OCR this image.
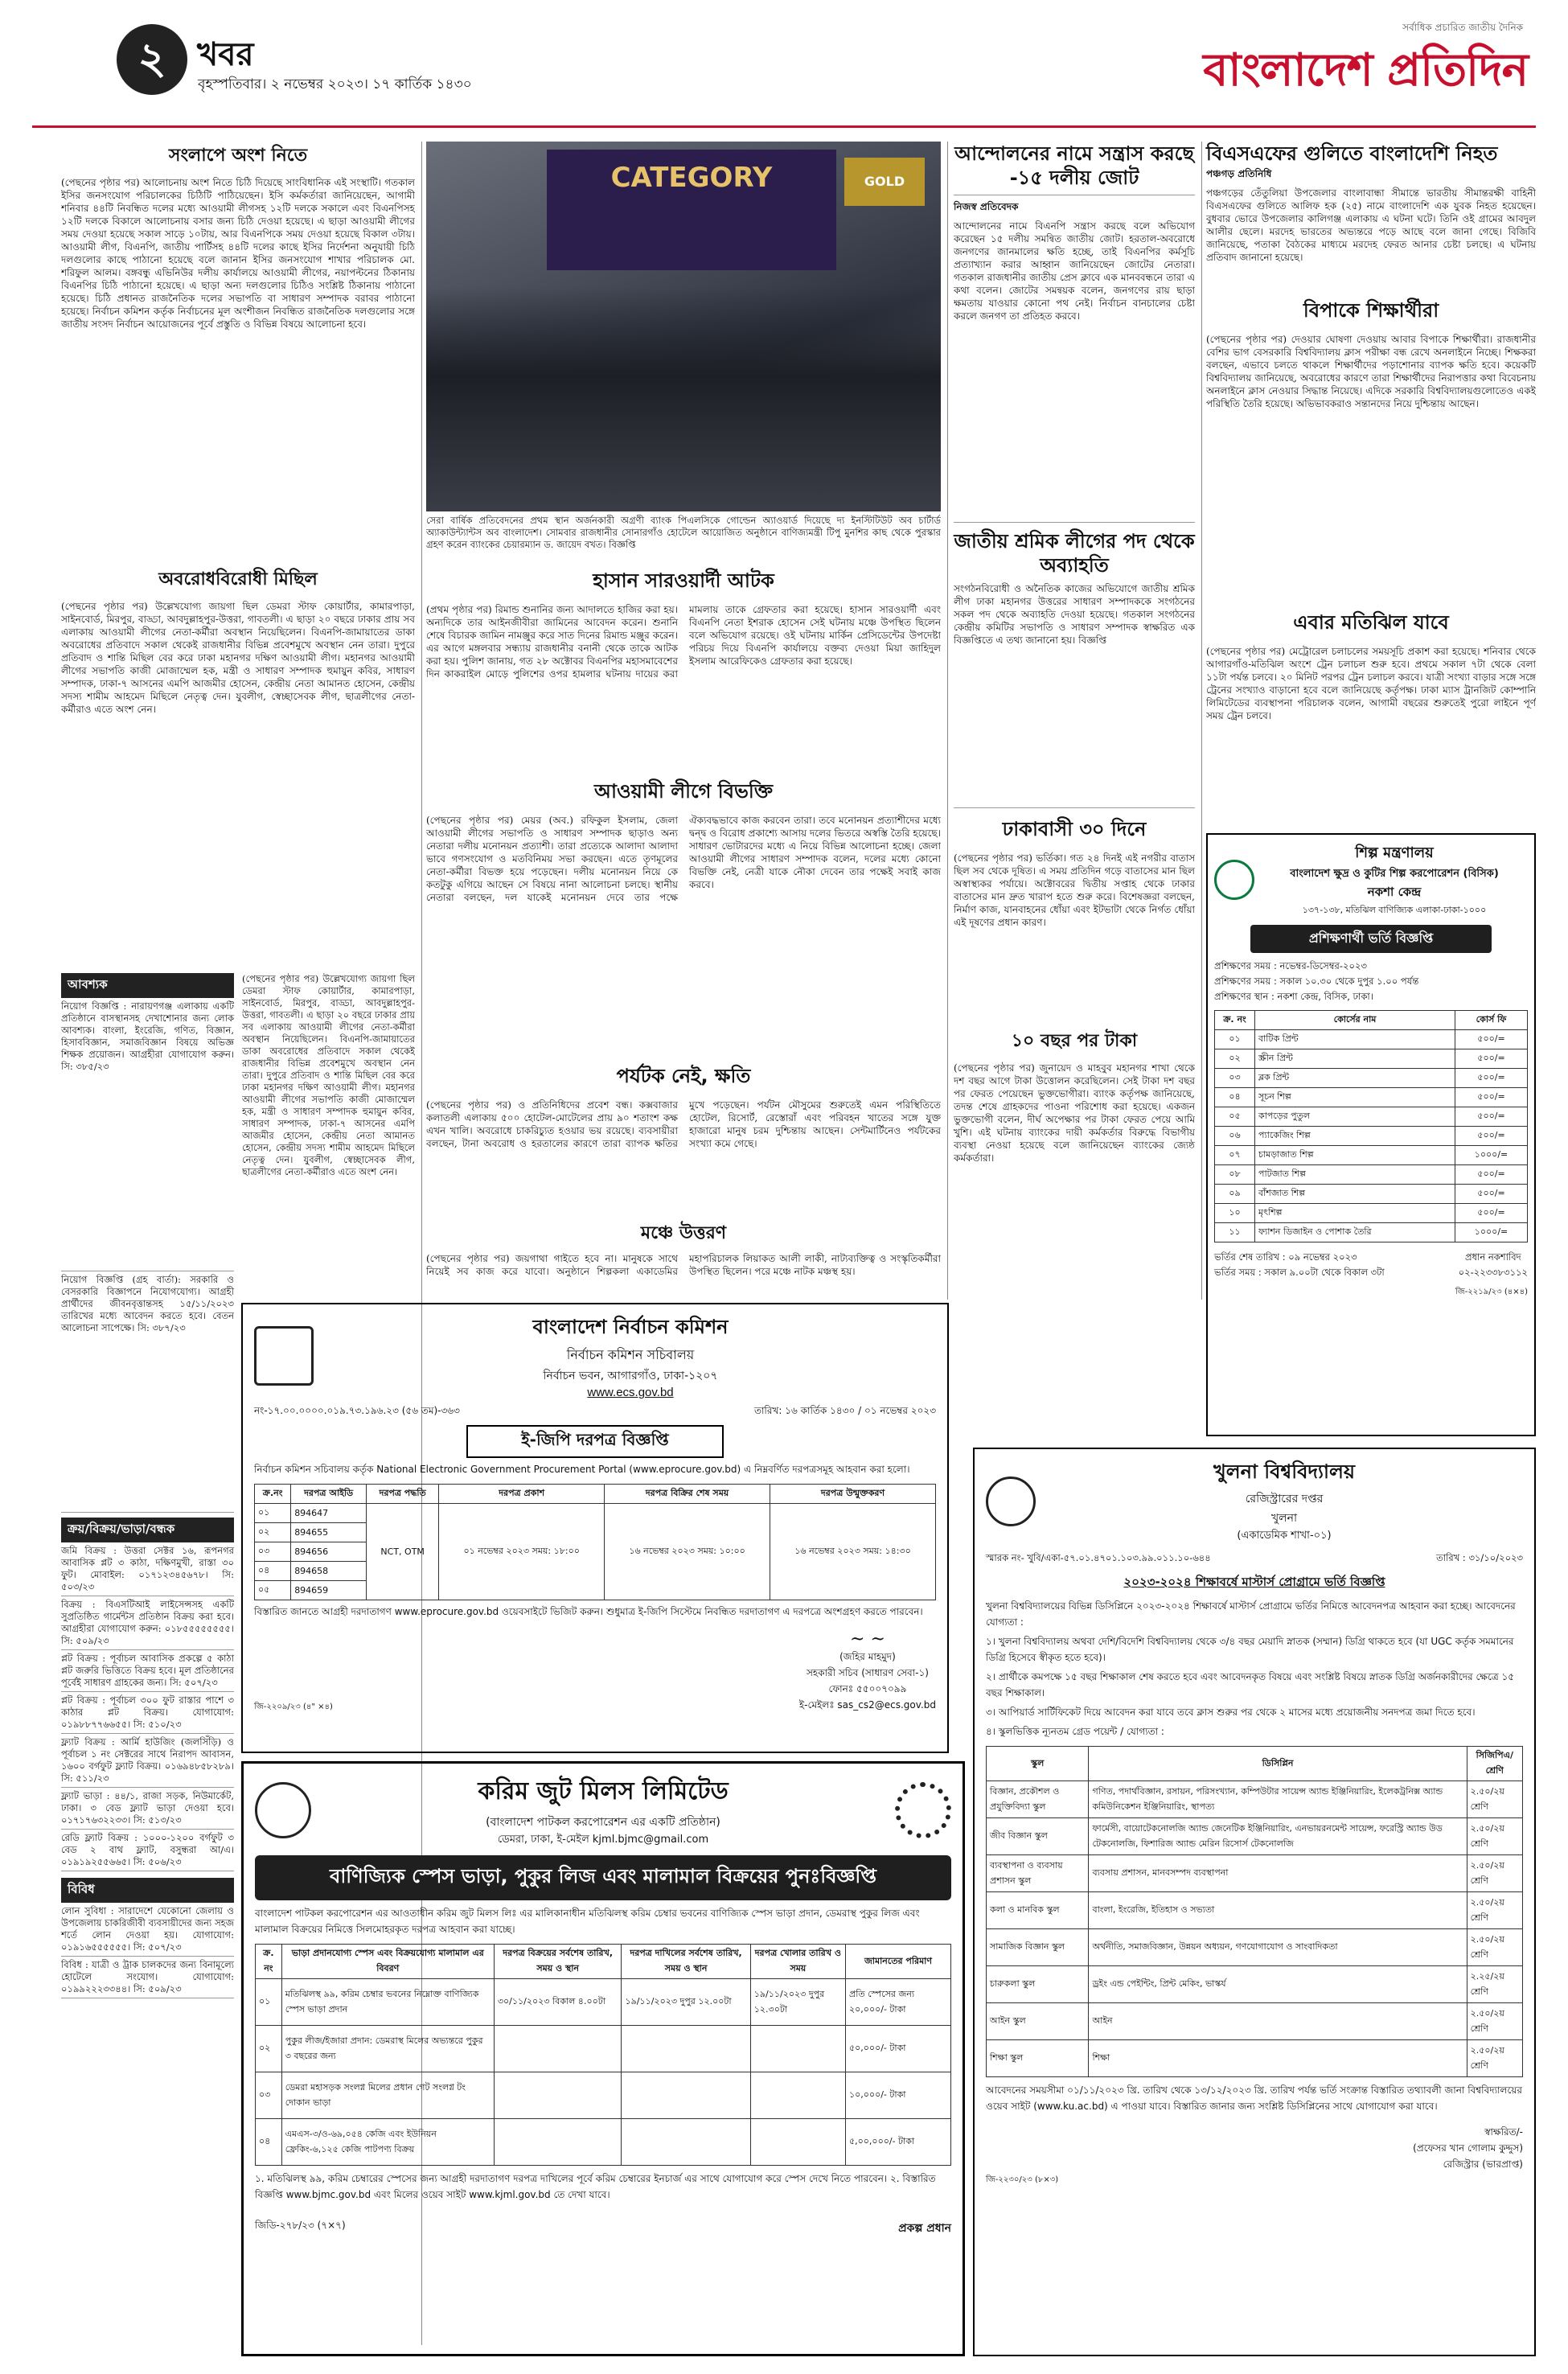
২ খবর
বৃহস্পতিবার। ২ নভেম্বর ২০২৩। ১৭ কার্তিক ১৪৩০
সর্বাধিক প্রচারিত জাতীয় দৈনিক
বাংলাদেশ প্রতিদিন
সংলাপে অংশ নিতে
(পেছনের পৃষ্ঠার পর) আলোচনায় অংশ নিতে চিঠি দিয়েছে সাংবিধানিক এই সংস্থাটি। গতকাল ইসির জনসংযোগ পরিচালকের চিঠিটি পাঠিয়েছেন। ইসি কর্মকর্তারা জানিয়েছেন, আগামী শনিবার ৪৪টি নিবন্ধিত দলের মধ্যে আওয়ামী লীগসহ ১২টি দলকে সকালে এবং বিএনপিসহ ১২টি দলকে বিকালে আলোচনায় বসার জন্য চিঠি দেওয়া হয়েছে। এ ছাড়া আওয়ামী লীগের সময় দেওয়া হয়েছে সকাল সাড়ে ১০টায়, আর বিএনপিকে সময় দেওয়া হয়েছে বিকাল ৩টায়। আওয়ামী লীগ, বিএনপি, জাতীয় পার্টিসহ ৪৪টি দলের কাছে ইসির নির্দেশনা অনুযায়ী চিঠি দলগুলোর কাছে পাঠানো হয়েছে বলে জানান ইসির জনসংযোগ শাখার পরিচালক মো. শরিফুল আলম। বঙ্গবন্ধু এভিনিউর দলীয় কার্যালয়ে আওয়ামী লীগের, নয়াপল্টনের ঠিকানায় বিএনপির চিঠি পাঠানো হয়েছে। এ ছাড়া অন্য দলগুলোর চিঠিও সংশ্লিষ্ট ঠিকানায় পাঠানো হয়েছে। চিঠি প্রধানত রাজনৈতিক দলের সভাপতি বা সাধারণ সম্পাদক বরাবর পাঠানো হয়েছে। নির্বাচন কমিশন কর্তৃক নির্বাচনের মূল অংশীজন নিবন্ধিত রাজনৈতিক দলগুলোর সঙ্গে জাতীয় সংসদ নির্বাচন আয়োজনের পূর্বে প্রস্তুতি ও বিভিন্ন বিষয়ে আলোচনা হবে।
অবরোধবিরোধী মিছিল
(পেছনের পৃষ্ঠার পর) উল্লেখযোগ্য জায়গা ছিল ডেমরা স্টাফ কোয়ার্টার, কামারপাড়া, সাইনবোর্ড, মিরপুর, বাড্ডা, আবদুল্লাহপুর-উত্তরা, গাবতলী। এ ছাড়া ২০ বছরে ঢাকার প্রায় সব এলাকায় আওয়ামী লীগের নেতা-কর্মীরা অবস্থান নিয়েছিলেন। বিএনপি-জামায়াতের ডাকা অবরোধের প্রতিবাদে সকাল থেকেই রাজধানীর বিভিন্ন প্রবেশমুখে অবস্থান নেন তারা। দুপুরে প্রতিবাদ ও শান্তি মিছিল বের করে ঢাকা মহানগর দক্ষিণ আওয়ামী লীগ। মহানগর আওয়ামী লীগের সভাপতি কাজী মোজাম্মেল হক, মন্ত্রী ও সাধারণ সম্পাদক হুমায়ুন কবির, সাধারণ সম্পাদক, ঢাকা-৭ আসনের এমপি আজমীর হোসেন, কেন্দ্রীয় নেতা আমানত হোসেন, কেন্দ্রীয় সদস্য শামীম আহমেদ মিছিলে নেতৃত্ব দেন। যুবলীগ, স্বেচ্ছাসেবক লীগ, ছাত্রলীগের নেতা-কর্মীরাও এতে অংশ নেন।
আবশ্যক
নিয়োগ বিজ্ঞপ্তি : নারায়ণগঞ্জ এলাকায় একটি প্রতিষ্ঠানে বাসস্থানসহ দেখাশোনার জন্য লোক আবশ্যক। বাংলা, ইংরেজি, গণিত, বিজ্ঞান, হিসাববিজ্ঞান, সমাজবিজ্ঞান বিষয়ে অভিজ্ঞ শিক্ষক প্রয়োজন। আগ্রহীরা যোগাযোগ করুন। সি: ৩৮৫/২৩
নিয়োগ বিজ্ঞপ্তি (গ্রহ বার্তা): সরকারি ও বেসরকারি বিজ্ঞাপনে নিযোগযোগ্য। আগ্রহী প্রার্থীদের জীবনবৃত্তান্তসহ ১৫/১১/২০২৩ তারিখের মধ্যে আবেদন করতে হবে। বেতন আলোচনা সাপেক্ষে। সি: ৩৮৭/২৩
(পেছনের পৃষ্ঠার পর) উল্লেখযোগ্য জায়গা ছিল ডেমরা স্টাফ কোয়ার্টার, কামারপাড়া, সাইনবোর্ড, মিরপুর, বাড্ডা, আবদুল্লাহপুর-উত্তরা, গাবতলী। এ ছাড়া ২০ বছরে ঢাকার প্রায় সব এলাকায় আওয়ামী লীগের নেতা-কর্মীরা অবস্থান নিয়েছিলেন। বিএনপি-জামায়াতের ডাকা অবরোধের প্রতিবাদে সকাল থেকেই রাজধানীর বিভিন্ন প্রবেশমুখে অবস্থান নেন তারা। দুপুরে প্রতিবাদ ও শান্তি মিছিল বের করে ঢাকা মহানগর দক্ষিণ আওয়ামী লীগ। মহানগর আওয়ামী লীগের সভাপতি কাজী মোজাম্মেল হক, মন্ত্রী ও সাধারণ সম্পাদক হুমায়ুন কবির, সাধারণ সম্পাদক, ঢাকা-৭ আসনের এমপি আজমীর হোসেন, কেন্দ্রীয় নেতা আমানত হোসেন, কেন্দ্রীয় সদস্য শামীম আহমেদ মিছিলে নেতৃত্ব দেন। যুবলীগ, স্বেচ্ছাসেবক লীগ, ছাত্রলীগের নেতা-কর্মীরাও এতে অংশ নেন।
ক্রয়/বিক্রয়/ভাড়া/বন্ধক
জমি বিক্রয় : উত্তরা সেক্টর ১৬, রূপনগর আবাসিক প্লট ৩ কাঠা, দক্ষিণমুখী, রাস্তা ৩০ ফুট। মোবাইল: ০১৭১২৩৪৫৬৭৮। সি: ৫০৩/২৩
বিক্রয় : বিএসটিআই লাইসেন্সসহ একটি সুপ্রতিষ্ঠিত গার্মেন্টস প্রতিষ্ঠান বিক্রয় করা হবে। আগ্রহীরা যোগাযোগ করুন: ০১৮৫৫৫৫৫৫৫৫। সি: ৫০৯/২৩
প্লট বিক্রয় : পূর্বাচল আবাসিক প্রকল্পে ৫ কাঠা প্লট জরুরি ভিত্তিতে বিক্রয় হবে। মূল প্রতিষ্ঠানের পূর্বেই সাধারণ গ্রাহকের জন্য। সি: ৫০৭/২৩
প্লট বিক্রয় : পূর্বাচল ৩০০ ফুট রাস্তার পাশে ৩ কাঠার প্লট বিক্রয়। যোগাযোগ: ০১৯৮৮৭৭৬৬৫৫। সি: ৫১০/২৩
ফ্ল্যাট বিক্রয় : আর্মি হাউজিং (জলসিঁড়ি) ও পূর্বাচল ১ নং সেক্টরের সাথে নিরাপদ আবাসন, ১৬০০ বর্গফুট ফ্ল্যাট বিক্রয়। ০১৬৯৪৮৫৮২৮৯। সি: ৫১১/২৩
ফ্ল্যাট ভাড়া : ৪৪/১, রাজা সড়ক, নিউমার্কেট, ঢাকা। ৩ বেড ফ্ল্যাট ভাড়া দেওয়া হবে। ০১৭১৭৬৩২২৩৩। সি: ৫১৩/২৩
রেডি ফ্ল্যাট বিক্রয় : ১০০০-১২০০ বর্গফুট ৩ বেড ২ বাথ ফ্ল্যাট, বসুন্ধরা আ/এ। ০১৯১৯২৫৫৬৬৫। সি: ৫০৬/২৩
বিবিধ
লোন সুবিধা : সারাদেশে যেকোনো জেলায় ও উপজেলায় চাকরিজীবী ব্যবসায়ীদের জন্য সহজ শর্তে লোন দেওয়া হয়। যোগাযোগ: ০১৯১৬৫৫৫৫৫৫। সি: ৫০৭/২৩
বিবিধ : যাত্রী ও ট্রাক চালকদের জন্য বিনামূল্যে হোটেলে সংযোগ। যোগাযোগ: ০১৯৯২২২৩৩৪৪। সি: ৫০৯/২৩
CATEGORY	GOLD
সেরা বার্ষিক প্রতিবেদনের প্রথম স্থান অর্জনকারী অগ্রণী ব্যাংক পিএলসিকে গোল্ডেন অ্যাওয়ার্ড দিয়েছে দ্য ইনস্টিটিউট অব চার্টার্ড অ্যাকাউন্ট্যান্টস অব বাংলাদেশ। সোমবার রাজধানীর সোনারগাঁও হোটেলে আয়োজিত অনুষ্ঠানে বাণিজ্যমন্ত্রী টিপু মুনশির কাছ থেকে পুরস্কার গ্রহণ করেন ব্যাংকের চেয়ারম্যান ড. জায়েদ বখত। বিজ্ঞপ্তি
হাসান সারওয়ার্দী আটক
(প্রথম পৃষ্ঠার পর) রিমান্ড শুনানির জন্য আদালতে হাজির করা হয়। অন্যদিকে তার আইনজীবীরা জামিনের আবেদন করেন। শুনানি শেষে বিচারক জামিন নামঞ্জুর করে সাত দিনের রিমান্ড মঞ্জুর করেন। এর আগে মঙ্গলবার সন্ধ্যায় রাজধানীর বনানী থেকে তাকে আটক করা হয়। পুলিশ জানায়, গত ২৮ অক্টোবর বিএনপির মহাসমাবেশের দিন কাকরাইল মোড়ে পুলিশের ওপর হামলার ঘটনায় দায়ের করা মামলায় তাকে গ্রেফতার করা হয়েছে। হাসান সারওয়ার্দী এবং বিএনপি নেতা ইশরাক হোসেন সেই ঘটনায় মঞ্চে উপস্থিত ছিলেন বলে অভিযোগ রয়েছে। ওই ঘটনায় মার্কিন প্রেসিডেন্টের উপদেষ্টা পরিচয় দিয়ে বিএনপি কার্যালয়ে বক্তব্য দেওয়া মিয়া জাহিদুল ইসলাম আরেফিকেও গ্রেফতার করা হয়েছে।
আওয়ামী লীগে বিভক্তি
(পেছনের পৃষ্ঠার পর) মেয়র (অব.) রফিকুল ইসলাম, জেলা আওয়ামী লীগের সভাপতি ও সাধারণ সম্পাদক ছাড়াও অন্য নেতারা দলীয় মনোনয়ন প্রত্যাশী। তারা প্রত্যেকে আলাদা আলাদা ভাবে গণসংযোগ ও মতবিনিময় সভা করছেন। এতে তৃণমূলের নেতা-কর্মীরা বিভক্ত হয়ে পড়েছেন। দলীয় মনোনয়ন নিয়ে কে কতটুকু এগিয়ে আছেন সে বিষয়ে নানা আলোচনা চলছে। স্থানীয় নেতারা বলছেন, দল যাকেই মনোনয়ন দেবে তার পক্ষে ঐক্যবদ্ধভাবে কাজ করবেন তারা। তবে মনোনয়ন প্রত্যাশীদের মধ্যে দ্বন্দ্ব ও বিরোধ প্রকাশ্যে আসায় দলের ভিতরে অস্বস্তি তৈরি হয়েছে। সাধারণ ভোটারদের মধ্যে এ নিয়ে বিভিন্ন আলোচনা হচ্ছে। জেলা আওয়ামী লীগের সাধারণ সম্পাদক বলেন, দলের মধ্যে কোনো বিভক্তি নেই, নেত্রী যাকে নৌকা দেবেন তার পক্ষেই সবাই কাজ করবে।
পর্যটক নেই, ক্ষতি
(পেছনের পৃষ্ঠার পর) ও প্রতিনিধিদের প্রবেশ বন্ধ। কক্সবাজার কলাতলী এলাকায় ৫০০ হোটেল-মোটেলের প্রায় ৯০ শতাংশ কক্ষ এখন খালি। অবরোধে চাকরিচ্যুত হওয়ার ভয় রয়েছে। ব্যবসায়ীরা বলছেন, টানা অবরোধ ও হরতালের কারণে তারা ব্যাপক ক্ষতির মুখে পড়েছেন। পর্যটন মৌসুমের শুরুতেই এমন পরিস্থিতিতে হোটেল, রিসোর্ট, রেস্তোরাঁ এবং পরিবহন খাতের সঙ্গে যুক্ত হাজারো মানুষ চরম দুশ্চিন্তায় আছেন। সেন্টমার্টিনেও পর্যটকের সংখ্যা কমে গেছে।
মঞ্চে উত্তরণ
(পেছনের পৃষ্ঠার পর) জয়গাথা গাইতে হবে না। মানুষকে সাথে নিয়েই সব কাজ করে যাবো। অনুষ্ঠানে শিল্পকলা একাডেমির মহাপরিচালক লিয়াকত আলী লাকী, নাট্যব্যক্তিত্ব ও সংস্কৃতিকর্মীরা উপস্থিত ছিলেন। পরে মঞ্চে নাটক মঞ্চস্থ হয়।
আন্দোলনের নামে সন্ত্রাস করছে -১৫ দলীয় জোট
নিজস্ব প্রতিবেদক
আন্দোলনের নামে বিএনপি সন্ত্রাস করছে বলে অভিযোগ করেছেন ১৫ দলীয় সমন্বিত জাতীয় জোট। হরতাল-অবরোধে জনগণের জানমালের ক্ষতি হচ্ছে, তাই বিএনপির কর্মসূচি প্রত্যাখ্যান করার আহ্বান জানিয়েছেন জোটের নেতারা। গতকাল রাজধানীর জাতীয় প্রেস ক্লাবে এক মানববন্ধনে তারা এ কথা বলেন। জোটের সমন্বয়ক বলেন, জনগণের রায় ছাড়া ক্ষমতায় যাওয়ার কোনো পথ নেই। নির্বাচন বানচালের চেষ্টা করলে জনগণ তা প্রতিহত করবে।
জাতীয় শ্রমিক লীগের পদ থেকে অব্যাহতি
সংগঠনবিরোধী ও অনৈতিক কাজের অভিযোগে জাতীয় শ্রমিক লীগ ঢাকা মহানগর উত্তরের সাধারণ সম্পাদককে সংগঠনের সকল পদ থেকে অব্যাহতি দেওয়া হয়েছে। গতকাল সংগঠনের কেন্দ্রীয় কমিটির সভাপতি ও সাধারণ সম্পাদক স্বাক্ষরিত এক বিজ্ঞপ্তিতে এ তথ্য জানানো হয়। বিজ্ঞপ্তি
ঢাকাবাসী ৩০ দিনে
(পেছনের পৃষ্ঠার পর) ভর্তিকা। গত ২৪ দিনই এই নগরীর বাতাস ছিল সব থেকে দূষিত। এ সময় প্রতিদিন গড়ে বাতাসের মান ছিল অস্বাস্থ্যকর পর্যায়ে। অক্টোবরের দ্বিতীয় সপ্তাহ থেকে ঢাকার বাতাসের মান দ্রুত খারাপ হতে শুরু করে। বিশেষজ্ঞরা বলছেন, নির্মাণ কাজ, যানবাহনের ধোঁয়া এবং ইটভাটা থেকে নির্গত ধোঁয়া এই দূষণের প্রধান কারণ।
১০ বছর পর টাকা
(পেছনের পৃষ্ঠার পর) জুনায়েদ ও মাহবুব মহানগর শাখা থেকে দশ বছর আগে টাকা উত্তোলন করেছিলেন। সেই টাকা দশ বছর পর ফেরত পেয়েছেন ভুক্তভোগীরা। ব্যাংক কর্তৃপক্ষ জানিয়েছে, তদন্ত শেষে গ্রাহকদের পাওনা পরিশোধ করা হয়েছে। একজন ভুক্তভোগী বলেন, দীর্ঘ অপেক্ষার পর টাকা ফেরত পেয়ে আমি খুশি। এই ঘটনায় ব্যাংকের দায়ী কর্মকর্তার বিরুদ্ধে বিভাগীয় ব্যবস্থা নেওয়া হয়েছে বলে জানিয়েছেন ব্যাংকের জ্যেষ্ঠ কর্মকর্তারা।
বিএসএফের গুলিতে বাংলাদেশি নিহত
পঞ্চগড় প্রতিনিধি
পঞ্চগড়ের তেঁতুলিয়া উপজেলার বাংলাবান্ধা সীমান্তে ভারতীয় সীমান্তরক্ষী বাহিনী বিএসএফের গুলিতে আলিফ হক (২৫) নামে বাংলাদেশি এক যুবক নিহত হয়েছেন। বুধবার ভোরে উপজেলার কালিগঞ্জ এলাকায় এ ঘটনা ঘটে। তিনি ওই গ্রামের আবদুল আলীর ছেলে। মরদেহ ভারতের অভ্যন্তরে পড়ে আছে বলে জানা গেছে। বিজিবি জানিয়েছে, পতাকা বৈঠকের মাধ্যমে মরদেহ ফেরত আনার চেষ্টা চলছে। এ ঘটনায় প্রতিবাদ জানানো হয়েছে।
বিপাকে শিক্ষার্থীরা
(পেছনের পৃষ্ঠার পর) দেওয়ার ঘোষণা দেওয়ায় আবার বিপাকে শিক্ষার্থীরা। রাজধানীর বেশির ভাগ বেসরকারি বিশ্ববিদ্যালয় ক্লাস পরীক্ষা বন্ধ রেখে অনলাইনে নিচ্ছে। শিক্ষকরা বলছেন, এভাবে চলতে থাকলে শিক্ষার্থীদের পড়াশোনার ব্যাপক ক্ষতি হবে। কয়েকটি বিশ্ববিদ্যালয় জানিয়েছে, অবরোধের কারণে তারা শিক্ষার্থীদের নিরাপত্তার কথা বিবেচনায় অনলাইনে ক্লাস নেওয়ার সিদ্ধান্ত নিয়েছে। এদিকে সরকারি বিশ্ববিদ্যালয়গুলোতেও একই পরিস্থিতি তৈরি হয়েছে। অভিভাবকরাও সন্তানদের নিয়ে দুশ্চিন্তায় আছেন।
এবার মতিঝিল যাবে
(পেছনের পৃষ্ঠার পর) মেট্রোরেল চলাচলের সময়সূচি প্রকাশ করা হয়েছে। শনিবার থেকে আগারগাঁও-মতিঝিল অংশে ট্রেন চলাচল শুরু হবে। প্রথমে সকাল ৭টা থেকে বেলা ১১টা পর্যন্ত চলবে। ২০ মিনিট পরপর ট্রেন চলাচল করবে। যাত্রী সংখ্যা বাড়ার সঙ্গে সঙ্গে ট্রেনের সংখ্যাও বাড়ানো হবে বলে জানিয়েছে কর্তৃপক্ষ। ঢাকা ম্যাস ট্রানজিট কোম্পানি লিমিটেডের ব্যবস্থাপনা পরিচালক বলেন, আগামী বছরের শুরুতেই পুরো লাইনে পূর্ণ সময় ট্রেন চলবে।
শিল্প মন্ত্রণালয়
বাংলাদেশ ক্ষুদ্র ও কুটির শিল্প করপোরেশন (বিসিক)
নকশা কেন্দ্র
১৩৭-১৩৮, মতিঝিল বাণিজ্যিক এলাকা-ঢাকা-১০০০
প্রশিক্ষণার্থী ভর্তি বিজ্ঞপ্তি
প্রশিক্ষণের সময় : নভেম্বর-ডিসেম্বর-২০২৩
প্রশিক্ষণের সময় : সকাল ১০.৩০ থেকে দুপুর ১.০০ পর্যন্ত
প্রশিক্ষণের স্থান : নকশা কেন্দ্র, বিসিক, ঢাকা।
ক্র. নং	কোর্সের নাম	কোর্স ফি
০১	বাটিক প্রিন্ট	৫০০/=
০২	স্ক্রীন প্রিন্ট	৫০০/=
০৩	ব্লক প্রিন্ট	৫০০/=
০৪	সূচন শিল্প	৫০০/=
০৫	কাপড়ের পুতুল	৫০০/=
০৬	প্যাকেজিং শিল্প	৫০০/=
০৭	চামড়াজাত শিল্প	১০০০/=
০৮	পাটজাত শিল্প	৫০০/=
০৯	বাঁশজাত শিল্প	৫০০/=
১০	মৃৎশিল্প	৫০০/=
১১	ফ্যাশন ডিজাইন ও পোশাক তৈরি	১০০০/=
ভর্তির শেষ তারিখ : ০৯ নভেম্বর ২০২৩
ভর্তির সময় : সকাল ৯.০০টা থেকে বিকাল ৩টা
প্রধান নকশাবিদ
০২-২২৩৩৮৩১১২
জি-২২১৯/২৩ (৪×৪)
বাংলাদেশ নির্বাচন কমিশন
নির্বাচন কমিশন সচিবালয়
নির্বাচন ভবন, আগারগাঁও, ঢাকা-১২০৭
www.ecs.gov.bd
নং-১৭.০০.০০০০.০১৯.৭৩.১৯৬.২৩ (৫৬ তম)-৩৬৩	তারিখ: ১৬ কার্তিক ১৪৩০ / ০১ নভেম্বর ২০২৩
ই-জিপি দরপত্র বিজ্ঞপ্তি
নির্বাচন কমিশন সচিবালয় কর্তৃক National Electronic Government Procurement Portal (www.eprocure.gov.bd) এ নিম্নবর্ণিত দরপত্রসমূহ আহবান করা হলো।
ক্র.নং	দরপত্র আইডি	দরপত্র পদ্ধতি	দরপত্র প্রকাশ	দরপত্র বিক্রির শেষ সময়	দরপত্র উন্মুক্তকরণ
০১	894647	NCT, OTM	০১ নভেম্বর ২০২৩ সময়: ১৮:০০	১৬ নভেম্বর ২০২৩ সময়: ১০:০০	১৬ নভেম্বর ২০২৩ সময়: ১৪:৩০
০২	894655				
০৩	894656				
০৪	894658				
০৫	894659				
বিস্তারিত জানতে আগ্রহী দরদাতাগণ www.eprocure.gov.bd ওয়েবসাইটে ভিজিট করুন। শুধুমাত্র ই-জিপি সিস্টেমে নিবন্ধিত দরদাতাগণ এ দরপত্রে অংশগ্রহণ করতে পারবেন।
জি-২২০৯/২৩ (৪" ×৪)
~ ~
(জহির মাহমুদ)
সহকারী সচিব (সাধারণ সেবা-১)
ফোনঃ ৫৫০০৭০৯৯
ই-মেইলঃ sas_cs2@ecs.gov.bd
করিম জুট মিলস লিমিটেড
(বাংলাদেশ পাটকল করপোরেশন এর একটি প্রতিষ্ঠান)
ডেমরা, ঢাকা, ই-মেইল kjml.bjmc@gmail.com
বাণিজ্যিক স্পেস ভাড়া, পুকুর লিজ এবং মালামাল বিক্রয়ের পুনঃবিজ্ঞপ্তি
বাংলাদেশ পাটকল করপোরেশন এর আওতাধীন করিম জুট মিলস লিঃ এর মালিকানাধীন মতিঝিলস্থ করিম চেম্বার ভবনের বাণিজ্যিক স্পেস ভাড়া প্রদান, ডেমরাস্থ পুকুর লিজ এবং মালামাল বিক্রয়ের নিমিত্তে সিলমোহরকৃত দরপত্র আহবান করা যাচ্ছে।
ক্র. নং	ভাড়া প্রদানযোগ্য স্পেস এবং বিক্রয়যোগ্য মালামাল এর বিবরণ	দরপত্র বিক্রয়ের সর্বশেষ তারিখ, সময় ও স্থান	দরপত্র দাখিলের সর্বশেষ তারিখ, সময় ও স্থান	দরপত্র খোলার তারিখ ও সময়	জামানতের পরিমাণ
০১	মতিঝিলস্থ ৯৯, করিম চেম্বার ভবনের নিম্নোক্ত বাণিজ্যিক স্পেস ভাড়া প্রদান	৩০/১১/২০২৩ বিকাল ৪.০০টা	১৯/১১/২০২৩ দুপুর ১২.০০টা	১৯/১১/২০২৩ দুপুর ১২.৩০টা	প্রতি স্পেসের জন্য ২০,০০০/- টাকা
০২	পুকুর লীজ/ইজারা প্রদান: ডেমরাস্থ মিলের অভ্যন্তরে পুকুর ৩ বছরের জন্য				৫০,০০০/- টাকা
০৩	ডেমরা মহাসড়ক সংলগ্ন মিলের প্রধান গেট সংলগ্ন টং দোকান ভাড়া				১০,০০০/- টাকা
০৪	এমএস-৩/ও-৬৯,০৫৪ কেজি এবং ইউনিয়ন ফ্রেকিং-৬,১২৫ কেজি পাটপণ্য বিক্রয়				৫,০০,০০০/- টাকা
১. মতিঝিলস্থ ৯৯, করিম চেম্বারের স্পেসের জন্য আগ্রহী দরদাতাগণ দরপত্র দাখিলের পূর্বে করিম চেম্বারের ইনচার্জ এর সাথে যোগাযোগ করে স্পেস দেখে নিতে পারবেন। ২. বিস্তারিত বিজ্ঞপ্তি www.bjmc.gov.bd এবং মিলের ওয়েব সাইট www.kjml.gov.bd তে দেখা যাবে।
জিডি-২৭৮/২৩ (৭×৭)	প্রকল্প প্রধান
খুলনা বিশ্ববিদ্যালয়
রেজিস্ট্রারের দপ্তর
খুলনা
(একাডেমিক শাখা-০১)
স্মারক নং- খুবি/একা-৫৭.০১.৪৭০১.১০৩.৯৯.০১১.১০-৬৪৪	তারিখ : ৩১/১০/২০২৩
২০২৩-২০২৪ শিক্ষাবর্ষে মাস্টার্স প্রোগ্রামে ভর্তি বিজ্ঞপ্তি
খুলনা বিশ্ববিদ্যালয়ের বিভিন্ন ডিসিপ্লিনে ২০২৩-২০২৪ শিক্ষাবর্ষে মাস্টার্স প্রোগ্রামে ভর্তির নিমিত্তে আবেদনপত্র আহবান করা হচ্ছে। আবেদনের যোগ্যতা :
১। খুলনা বিশ্ববিদ্যালয় অথবা দেশি/বিদেশি বিশ্ববিদ্যালয় থেকে ৩/৪ বছর মেয়াদি স্নাতক (সম্মান) ডিগ্রি থাকতে হবে (যা UGC কর্তৃক সমমানের ডিগ্রি হিসেবে স্বীকৃত হতে হবে)।
২। প্রার্থীকে কমপক্ষে ১৫ বছর শিক্ষাকাল শেষ করতে হবে এবং আবেদনকৃত বিষয়ে এবং সংশ্লিষ্ট বিষয়ে স্নাতক ডিগ্রি অর্জনকারীদের ক্ষেত্রে ১৫ বছর শিক্ষাকাল।
৩। আপিয়ার্ড সার্টিফিকেট দিয়ে আবেদন করা যাবে তবে ক্লাস শুরুর পর থেকে ২ মাসের মধ্যে প্রয়োজনীয় সনদপত্র জমা দিতে হবে।
৪। স্কুলভিত্তিক ন্যূনতম গ্রেড পয়েন্ট / যোগ্যতা :
স্কুল	ডিসিপ্লিন	সিজিপিএ/শ্রেণি
বিজ্ঞান, প্রকৌশল ও প্রযুক্তিবিদ্যা স্কুল	গণিত, পদার্থবিজ্ঞান, রসায়ন, পরিসংখ্যান, কম্পিউটার সায়েন্স অ্যান্ড ইঞ্জিনিয়ারিং, ইলেকট্রনিক্স অ্যান্ড কমিউনিকেশন ইঞ্জিনিয়ারিং, স্থাপত্য	২.৫০/২য় শ্রেণি
জীব বিজ্ঞান স্কুল	ফার্মেসী, বায়োটেকনোলজি অ্যান্ড জেনেটিক ইঞ্জিনিয়ারিং, এনভায়রনমেন্ট সায়েন্স, ফরেস্ট্রি অ্যান্ড উড টেকনোলজি, ফিশারিজ অ্যান্ড মেরিন রিসোর্স টেকনোলজি	২.৫০/২য় শ্রেণি
ব্যবস্থাপনা ও ব্যবসায় প্রশাসন স্কুল	ব্যবসায় প্রশাসন, মানবসম্পদ ব্যবস্থাপনা	২.৫০/২য় শ্রেণি
কলা ও মানবিক স্কুল	বাংলা, ইংরেজি, ইতিহাস ও সভ্যতা	২.৫০/২য় শ্রেণি
সামাজিক বিজ্ঞান স্কুল	অর্থনীতি, সমাজবিজ্ঞান, উন্নয়ন অধ্যয়ন, গণযোগাযোগ ও সাংবাদিকতা	২.৫০/২য় শ্রেণি
চারুকলা স্কুল	ড্রইং এন্ড পেইন্টিং, প্রিন্ট মেকিং, ভাস্কর্য	২.২৫/২য় শ্রেণি
আইন স্কুল	আইন	২.৫০/২য় শ্রেণি
শিক্ষা স্কুল	শিক্ষা	২.৫০/২য় শ্রেণি
আবেদনের সময়সীমা ০১/১১/২০২৩ খ্রি. তারিখ থেকে ১৩/১২/২০২৩ খ্রি. তারিখ পর্যন্ত ভর্তি সংক্রান্ত বিস্তারিত তথ্যাবলী জানা বিশ্ববিদ্যালয়ের ওয়েব সাইট (www.ku.ac.bd) এ পাওয়া যাবে। বিস্তারিত জানার জন্য সংশ্লিষ্ট ডিসিপ্লিনের সাথে যোগাযোগ করা যাবে।
স্বাক্ষরিত/-
(প্রফেসর খান গোলাম কুদ্দুস)
রেজিস্ট্রার (ভারপ্রাপ্ত)
জি-২২৩০/২৩ (৮×৩)
